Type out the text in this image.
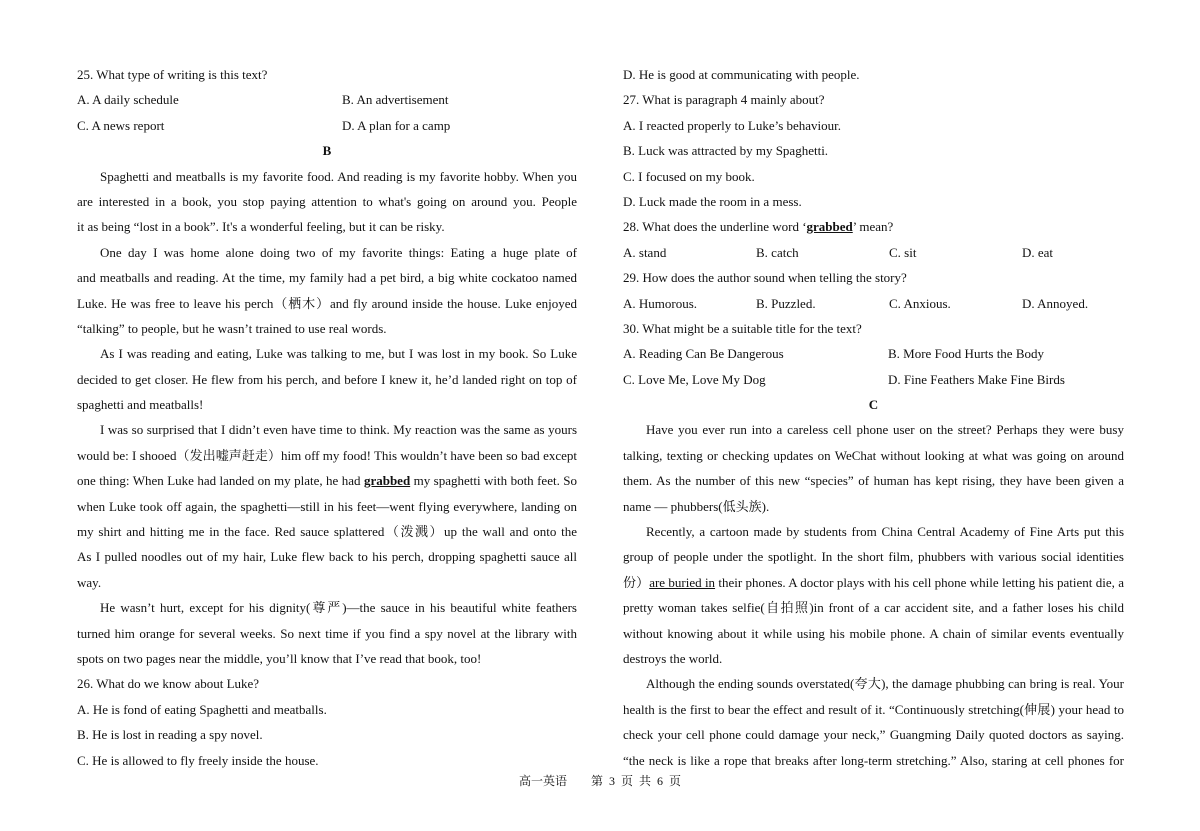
25. What type of writing is this text?
A. A daily schedule	B. An advertisement
C. A news report	D. A plan for a camp
B
Spaghetti and meatballs is my favorite food. And reading is my favorite hobby. When you
are interested in a book, you stop paying attention to what's going on around you. People
it as being “lost in a book”. It's a wonderful feeling, but it can be risky.
One day I was home alone doing two of my favorite things: Eating a huge plate of
and meatballs and reading. At the time, my family had a pet bird, a big white cockatoo named
Luke. He was free to leave his perch（栖木）and fly around inside the house. Luke enjoyed
“talking” to people, but he wasn’t trained to use real words.
As I was reading and eating, Luke was talking to me, but I was lost in my book. So Luke
decided to get closer. He flew from his perch, and before I knew it, he’d landed right on top of
spaghetti and meatballs!
I was so surprised that I didn’t even have time to think. My reaction was the same as yours
would be: I shooed（发出嘘声赶走）him off my food! This wouldn’t have been so bad except
one thing: When Luke had landed on my plate, he had grabbed my spaghetti with both feet. So
when Luke took off again, the spaghetti—still in his feet—went flying everywhere, landing on
my shirt and hitting me in the face. Red sauce splattered（泼溅）up the wall and onto the
As I pulled noodles out of my hair, Luke flew back to his perch, dropping spaghetti sauce all
way.
He wasn’t hurt, except for his dignity(尊严)—the sauce in his beautiful white feathers
turned him orange for several weeks. So next time if you find a spy novel at the library with
spots on two pages near the middle, you’ll know that I’ve read that book, too!
26. What do we know about Luke?
A. He is fond of eating Spaghetti and meatballs.
B. He is lost in reading a spy novel.
C. He is allowed to fly freely inside the house.
D. He is good at communicating with people.
27. What is paragraph 4 mainly about?
A. I reacted properly to Luke’s behaviour.
B. Luck was attracted by my Spaghetti.
C. I focused on my book.
D. Luck made the room in a mess.
28. What does the underline word ‘grabbed’ mean?
A. stand	B. catch	C. sit	D. eat
29. How does the author sound when telling the story?
A. Humorous.	B. Puzzled.	C. Anxious.	D. Annoyed.
30. What might be a suitable title for the text?
A. Reading Can Be Dangerous	B. More Food Hurts the Body
C. Love Me, Love My Dog	D. Fine Feathers Make Fine Birds
C
Have you ever run into a careless cell phone user on the street? Perhaps they were busy
talking, texting or checking updates on WeChat without looking at what was going on around
them. As the number of this new “species” of human has kept rising, they have been given a
name — phubbers(低头族).
Recently, a cartoon made by students from China Central Academy of Fine Arts put this
group of people under the spotlight. In the short film, phubbers with various social identities
份）are buried in their phones. A doctor plays with his cell phone while letting his patient die, a
pretty woman takes selfie(自拍照)in front of a car accident site, and a father loses his child
without knowing about it while using his mobile phone. A chain of similar events eventually
destroys the world.
Although the ending sounds overstated(夸大), the damage phubbing can bring is real. Your
health is the first to bear the effect and result of it. “Continuously stretching(伸展) your head to
check your cell phone could damage your neck,” Guangming Daily quoted doctors as saying.
“the neck is like a rope that breaks after long-term stretching.” Also, staring at cell phones for
高一英语        第  3  页  共  6  页
